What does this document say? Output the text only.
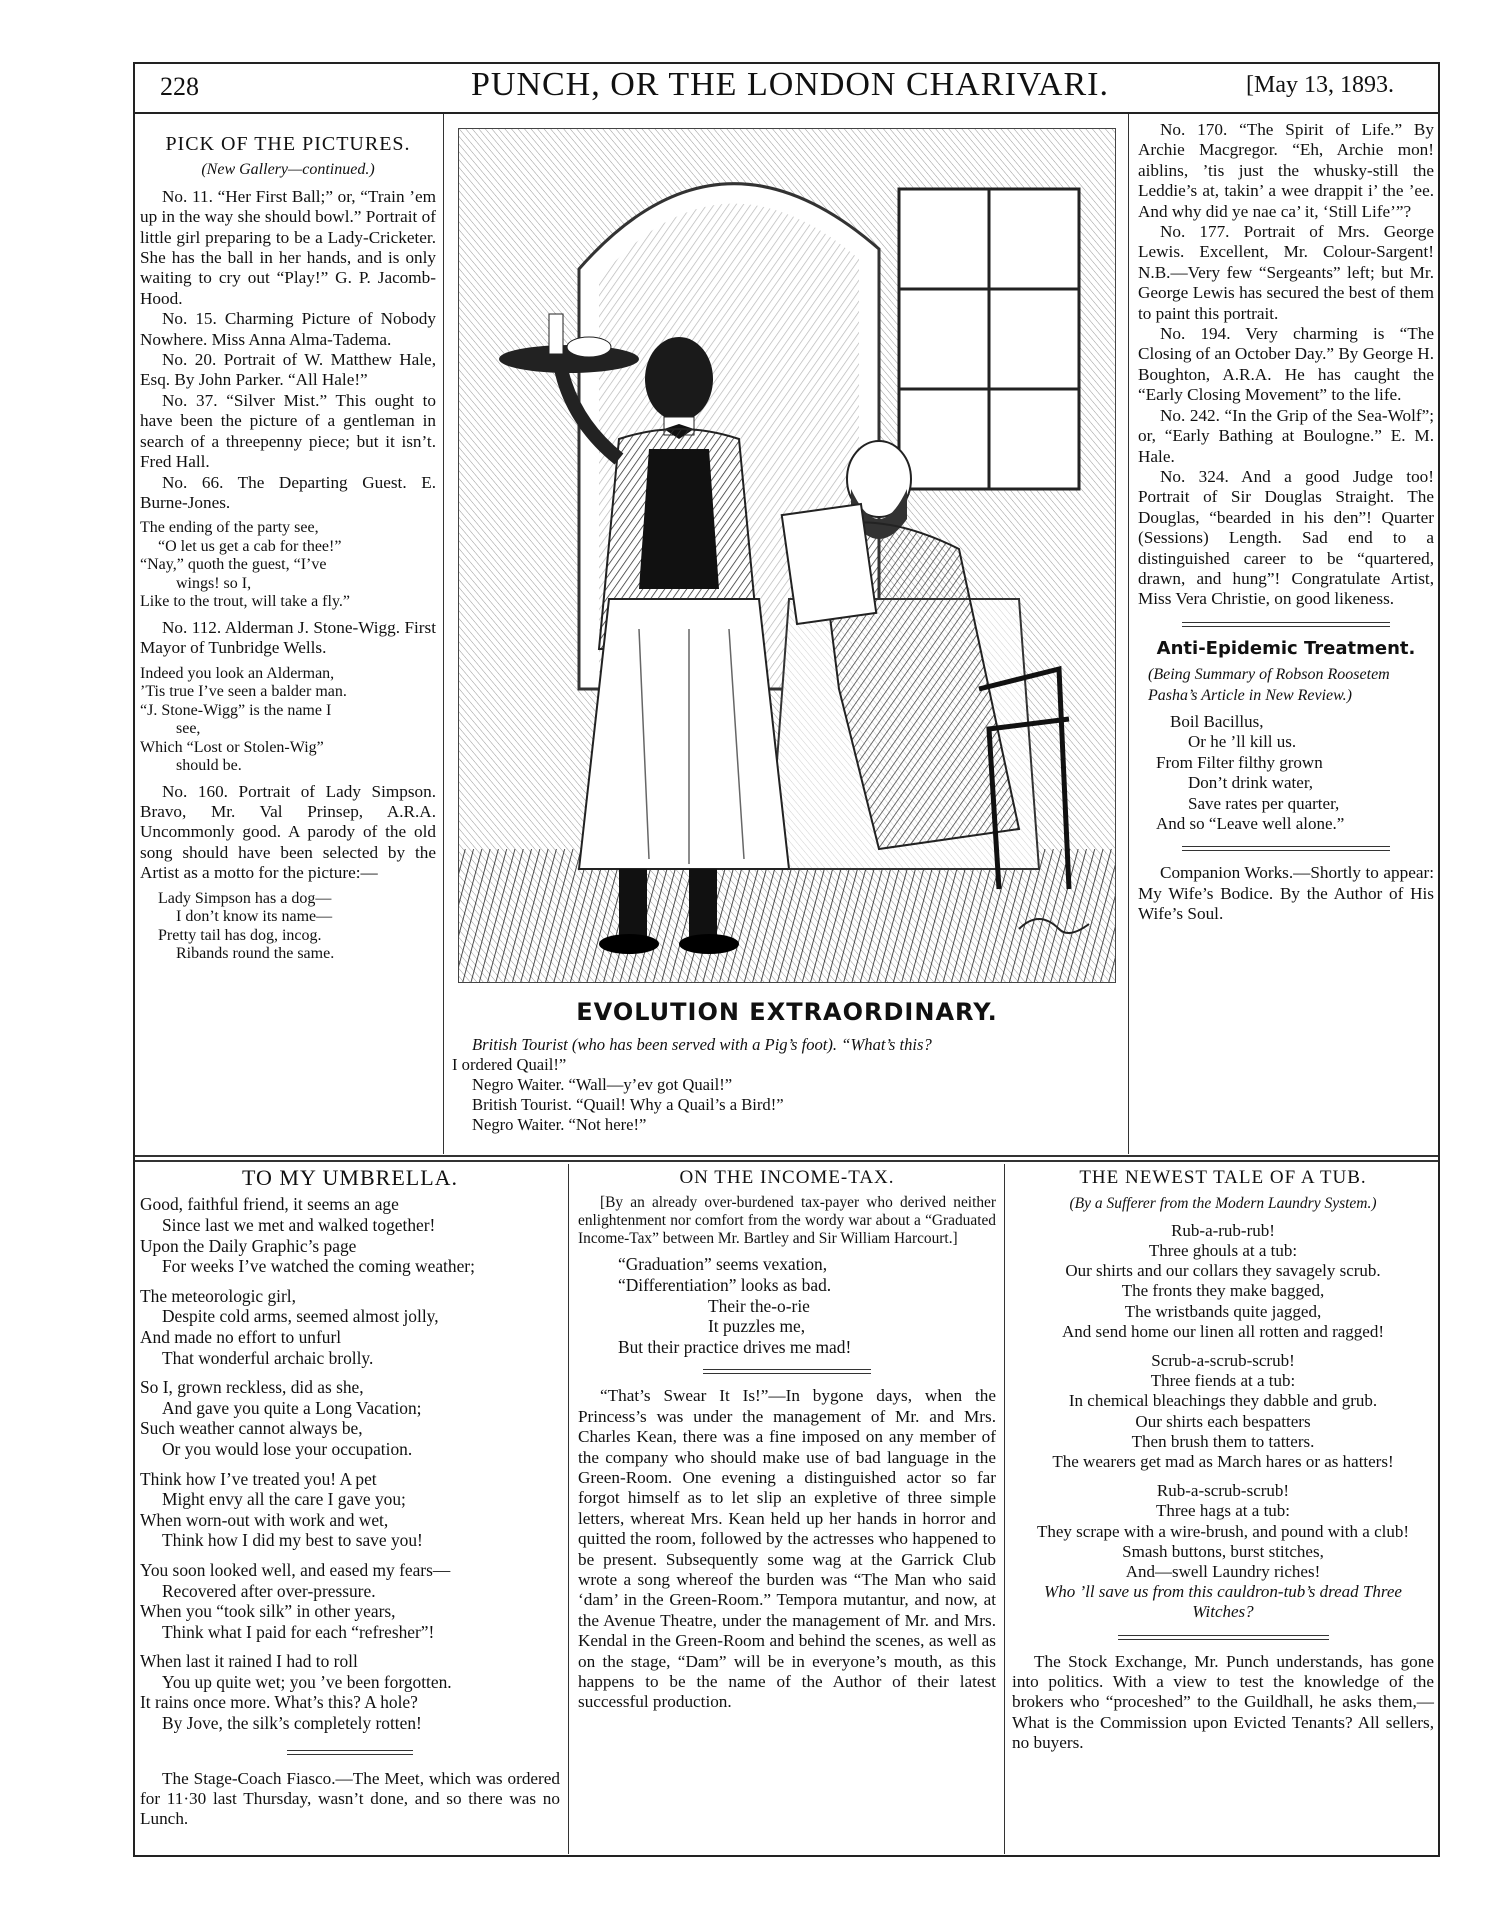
228	PUNCH, OR THE LONDON CHARIVARI.	[May 13, 1893.
PICK OF THE PICTURES.
(New Gallery—continued.)

No. 11. “Her First Ball;” or, “Train ’em up in the way she should bowl.” Portrait of little girl preparing to be a Lady-Cricketer. She has the ball in her hands, and is only waiting to cry out “Play!” G. P. Jacomb-Hood.

No. 15. Charming Picture of Nobody Nowhere. Miss Anna Alma-Tadema.

No. 20. Portrait of W. Matthew Hale, Esq. By John Parker. “All Hale!”

No. 37. “Silver Mist.” This ought to have been the picture of a gentleman in search of a threepenny piece; but it isn’t. Fred Hall.

No. 66. The Departing Guest. E. Burne-Jones.

The ending of the party see,
“O let us get a cab for thee!”
“Nay,” quoth the guest, “I’ve
wings! so I,
Like to the trout, will take a fly.”

No. 112. Alderman J. Stone-Wigg. First Mayor of Tunbridge Wells.

Indeed you look an Alderman,
’Tis true I’ve seen a balder man.
“J. Stone-Wigg” is the name I
see,
Which “Lost or Stolen-Wig”
should be.

No. 160. Portrait of Lady Simpson. Bravo, Mr. Val Prinsep, A.R.A. Uncommonly good. A parody of the old song should have been selected by the Artist as a motto for the picture:—

Lady Simpson has a dog—
I don’t know its name—
Pretty tail has dog, incog.
Ribands round the same.
EVOLUTION EXTRAORDINARY.
British Tourist (who has been served with a Pig’s foot). “What’s this?
I ordered Quail!”
Negro Waiter. “Wall—y’ev got Quail!”
British Tourist. “Quail! Why a Quail’s a Bird!”
Negro Waiter. “Not here!”

No. 170. “The Spirit of Life.” By Archie Macgregor. “Eh, Archie mon! aiblins, ’tis just the whusky-still the Leddie’s at, takin’ a wee drappit i’ the ’ee. And why did ye nae ca’ it, ‘Still Life’”?

No. 177. Portrait of Mrs. George Lewis. Excellent, Mr. Colour-Sargent! N.B.—Very few “Sergeants” left; but Mr. George Lewis has secured the best of them to paint this portrait.

No. 194. Very charming is “The Closing of an October Day.” By George H. Boughton, A.R.A. He has caught the “Early Closing Movement” to the life.

No. 242. “In the Grip of the Sea-Wolf”; or, “Early Bathing at Boulogne.” E. M. Hale.

No. 324. And a good Judge too! Portrait of Sir Douglas Straight. The Douglas, “bearded in his den”! Quarter (Sessions) Length. Sad end to a distinguished career to be “quartered, drawn, and hung”! Congratulate Artist, Miss Vera Christie, on good likeness.

Anti-Epidemic Treatment.
(Being Summary of Robson Roosetem Pasha’s Article in New Review.)
Boil Bacillus,
Or he ’ll kill us.
From Filter filthy grown
Don’t drink water,
Save rates per quarter,
And so “Leave well alone.”

Companion Works.—Shortly to appear: My Wife’s Bodice. By the Author of His Wife’s Soul.

TO MY UMBRELLA.
Good, faithful friend, it seems an age
Since last we met and walked together!
Upon the Daily Graphic’s page
For weeks I’ve watched the coming weather;
The meteorologic girl,
Despite cold arms, seemed almost jolly,
And made no effort to unfurl
That wonderful archaic brolly.
So I, grown reckless, did as she,
And gave you quite a Long Vacation;
Such weather cannot always be,
Or you would lose your occupation.
Think how I’ve treated you! A pet
Might envy all the care I gave you;
When worn-out with work and wet,
Think how I did my best to save you!
You soon looked well, and eased my fears—
Recovered after over-pressure.
When you “took silk” in other years,
Think what I paid for each “refresher”!
When last it rained I had to roll
You up quite wet; you ’ve been forgotten.
It rains once more. What’s this? A hole?
By Jove, the silk’s completely rotten!

The Stage-Coach Fiasco.—The Meet, which was ordered for 11·30 last Thursday, wasn’t done, and so there was no Lunch.

ON THE INCOME-TAX.

[By an already over-burdened tax-payer who derived neither enlightenment nor comfort from the wordy war about a “Graduated Income-Tax” between Mr. Bartley and Sir William Harcourt.]

“Graduation” seems vexation,
“Differentiation” looks as bad.
Their the-o-rie
It puzzles me,
But their practice drives me mad!

“That’s Swear It Is!”—In bygone days, when the Princess’s was under the management of Mr. and Mrs. Charles Kean, there was a fine imposed on any member of the company who should make use of bad language in the Green-Room. One evening a distinguished actor so far forgot himself as to let slip an expletive of three simple letters, whereat Mrs. Kean held up her hands in horror and quitted the room, followed by the actresses who happened to be present. Subsequently some wag at the Garrick Club wrote a song whereof the burden was “The Man who said ‘dam’ in the Green-Room.” Tempora mutantur, and now, at the Avenue Theatre, under the management of Mr. and Mrs. Kendal in the Green-Room and behind the scenes, as well as on the stage, “Dam” will be in everyone’s mouth, as this happens to be the name of the Author of their latest successful production.

THE NEWEST TALE OF A TUB.
(By a Sufferer from the Modern Laundry System.)
Rub-a-rub-rub!
Three ghouls at a tub:
Our shirts and our collars they savagely scrub.
The fronts they make bagged,
The wristbands quite jagged,
And send home our linen all rotten and ragged!
Scrub-a-scrub-scrub!
Three fiends at a tub:
In chemical bleachings they dabble and grub.
Our shirts each bespatters
Then brush them to tatters.
The wearers get mad as March hares or as hatters!
Rub-a-scrub-scrub!
Three hags at a tub:
They scrape with a wire-brush, and pound with a club!
Smash buttons, burst stitches,
And—swell Laundry riches!
Who ’ll save us from this cauldron-tub’s dread Three Witches?

The Stock Exchange, Mr. Punch understands, has gone into politics. With a view to test the knowledge of the brokers who “proceshed” to the Guildhall, he asks them,—What is the Commission upon Evicted Tenants? All sellers, no buyers.
